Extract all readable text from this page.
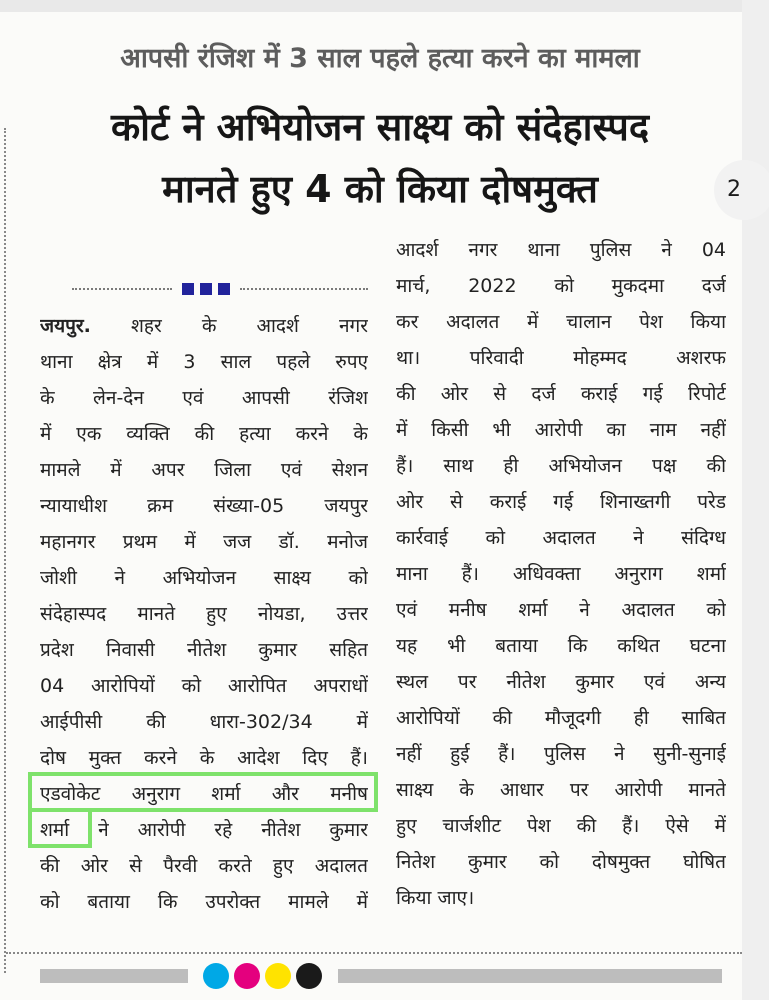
आपसी रंजिश में 3 साल पहले हत्या करने का मामला
कोर्ट ने अभियोजन साक्ष्य को संदेहास्पद
मानते हुए 4 को किया दोषमुक्त	2
जयपुर. शहर के आदर्श नगर
थाना क्षेत्र में 3 साल पहले रुपए
के लेन-देन एवं आपसी रंजिश
में एक व्यक्ति की हत्या करने के
मामले में अपर जिला एवं सेशन
न्यायाधीश क्रम संख्या-05 जयपुर
महानगर प्रथम में जज डॉ. मनोज
जोशी ने अभियोजन साक्ष्य को
संदेहास्पद मानते हुए नोयडा, उत्तर
प्रदेश निवासी नीतेश कुमार सहित
04 आरोपियों को आरोपित अपराधों
आईपीसी की धारा-302/34 में
दोष मुक्त करने के आदेश दिए हैं।
एडवोकेट अनुराग शर्मा और मनीष
शर्मा ने आरोपी रहे नीतेश कुमार
की ओर से पैरवी करते हुए अदालत
को बताया कि उपरोक्त मामले में
आदर्श नगर थाना पुलिस ने 04
मार्च, 2022 को मुकदमा दर्ज
कर अदालत में चालान पेश किया
था। परिवादी मोहम्मद अशरफ
की ओर से दर्ज कराई गई रिपोर्ट
में किसी भी आरोपी का नाम नहीं
हैं। साथ ही अभियोजन पक्ष की
ओर से कराई गई शिनाख्तगी परेड
कार्रवाई को अदालत ने संदिग्ध
माना हैं। अधिवक्ता अनुराग शर्मा
एवं मनीष शर्मा ने अदालत को
यह भी बताया कि कथित घटना
स्थल पर नीतेश कुमार एवं अन्य
आरोपियों की मौजूदगी ही साबित
नहीं हुई हैं। पुलिस ने सुनी-सुनाई
साक्ष्य के आधार पर आरोपी मानते
हुए चार्जशीट पेश की हैं। ऐसे में
नितेश कुमार को दोषमुक्त घोषित
किया जाए।
